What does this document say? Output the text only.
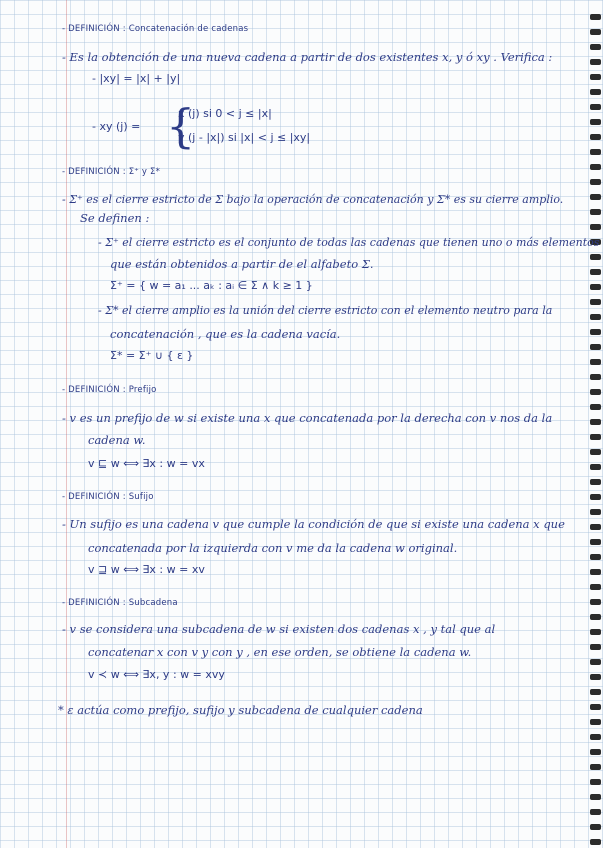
- DEFINICIÓN : Concatenación de cadenas
- Es la obtención de una nueva cadena a partir de dos existentes x, y ó xy . Verifica :
- |xy| = |x| + |y|
- xy (j) = {
x (j) si 0 < j ≤ |x|
y (j - |x|) si |x| < j ≤ |xy|
- DEFINICIÓN : Σ⁺ y Σ*
- Σ⁺ es el cierre estricto de Σ bajo la operación de concatenación y Σ* es su cierre amplio.
Se definen :
- Σ⁺ el cierre estricto es el conjunto de todas las cadenas que tienen uno o más elementos
que están obtenidos a partir de el alfabeto Σ.
Σ⁺ = { w = a₁ ... aₖ : aᵢ ∈ Σ ∧ k ≥ 1 }
- Σ* el cierre amplio es la unión del cierre estricto con el elemento neutro para la
concatenación , que es la cadena vacía.
Σ* = Σ⁺ ∪ { ε }
- DEFINICIÓN : Prefijo
- v es un prefijo de w si existe una x que concatenada por la derecha con v nos da la
cadena w.
v ⊑ w ⟺ ∃x : w = vx
- DEFINICIÓN : Sufijo
- Un sufijo es una cadena v que cumple la condición de que si existe una cadena x que
concatenada por la izquierda con v me da la cadena w original.
v ⊒ w ⟺ ∃x : w = xv
- DEFINICIÓN : Subcadena
- v se considera una subcadena de w si existen dos cadenas x , y tal que al
concatenar x con v y con y , en ese orden, se obtiene la cadena w.
v ≺ w ⟺ ∃x, y : w = xvy
* ε actúa como prefijo, sufijo y subcadena de cualquier cadena
